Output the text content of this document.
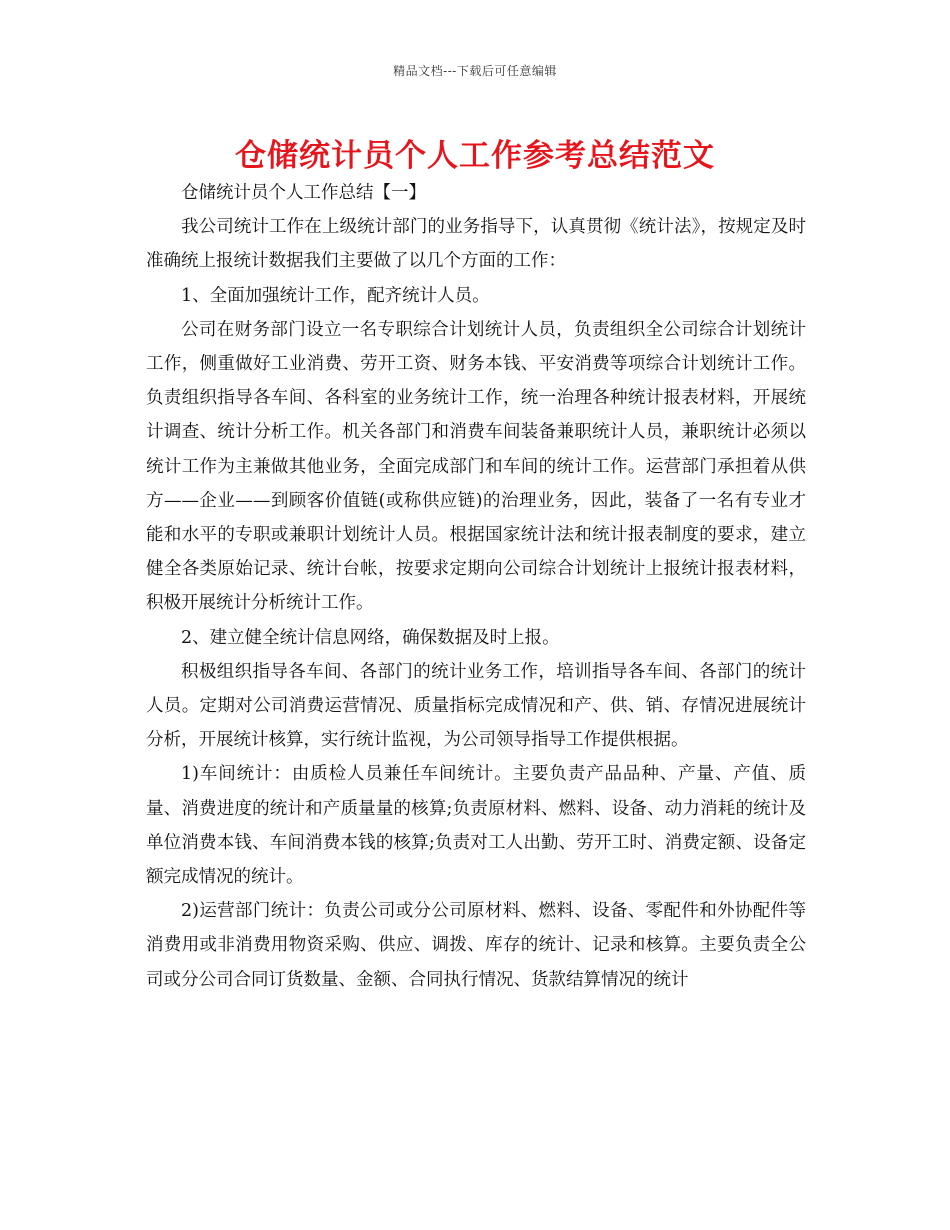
精品文档---下载后可任意编辑
仓储统计员个人工作参考总结范文

仓储统计员个人工作总结【一】

我公司统计工作在上级统计部门的业务指导下，认真贯彻《统计法》，按规定及时准确统上报统计数据我们主要做了以几个方面的工作：

1、全面加强统计工作，配齐统计人员。

公司在财务部门设立一名专职综合计划统计人员，负责组织全公司综合计划统计工作，侧重做好工业消费、劳开工资、财务本钱、平安消费等项综合计划统计工作。负责组织指导各车间、各科室的业务统计工作，统一治理各种统计报表材料，开展统计调查、统计分析工作。机关各部门和消费车间装备兼职统计人员，兼职统计必须以统计工作为主兼做其他业务，全面完成部门和车间的统计工作。运营部门承担着从供方——企业——到顾客价值链(或称供应链)的治理业务，因此，装备了一名有专业才能和水平的专职或兼职计划统计人员。根据国家统计法和统计报表制度的要求，建立健全各类原始记录、统计台帐，按要求定期向公司综合计划统计上报统计报表材料，积极开展统计分析统计工作。

2、建立健全统计信息网络，确保数据及时上报。

积极组织指导各车间、各部门的统计业务工作，培训指导各车间、各部门的统计人员。定期对公司消费运营情况、质量指标完成情况和产、供、销、存情况进展统计分析，开展统计核算，实行统计监视，为公司领导指导工作提供根据。

1)车间统计：由质检人员兼任车间统计。主要负责产品品种、产量、产值、质量、消费进度的统计和产质量量的核算;负责原材料、燃料、设备、动力消耗的统计及单位消费本钱、车间消费本钱的核算;负责对工人出勤、劳开工时、消费定额、设备定额完成情况的统计。

2)运营部门统计：负责公司或分公司原材料、燃料、设备、零配件和外协配件等消费用或非消费用物资采购、供应、调拨、库存的统计、记录和核算。主要负责全公司或分公司合同订货数量、金额、合同执行情况、货款结算情况的统计
